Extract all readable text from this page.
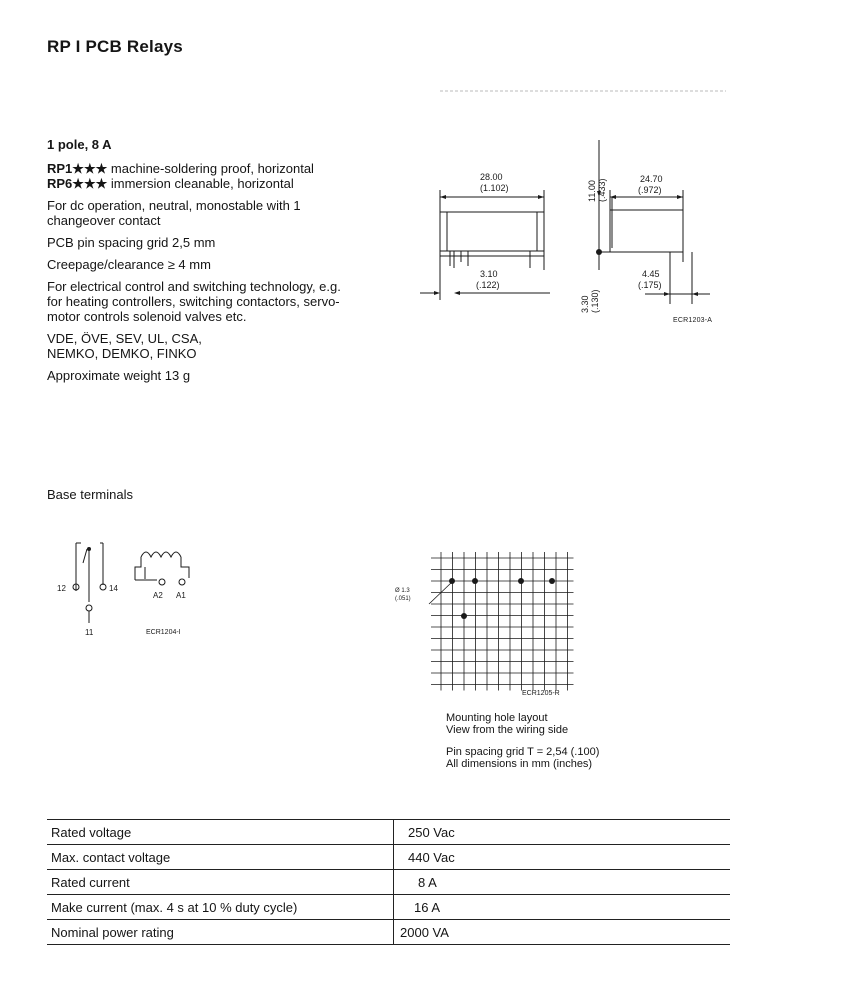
RP I PCB Relays

1 pole, 8 A

RP1★★★ machine-soldering proof, horizontal

RP6★★★ immersion cleanable, horizontal

For dc operation, neutral, monostable with 1 changeover contact

PCB pin spacing grid 2,5 mm

Creepage/clearance ≥ 4 mm

For electrical control and switching technology, e.g. for heating controllers, switching contactors, servo-motor controls solenoid valves etc.

VDE, ÖVE, SEV, UL, CSA, NEMKO, DEMKO, FINKO

Approximate weight 13 g

28.00
(1.102)
3.10
(.122)
24.70
(.972)
4.45
(.175)
11.00 (.433)
3.30 (.130)
ECR1203-A
Base terminals
12	14
11
A2 A1
ECR1204-I
Ø 1.3
(.051)
ECR1205-R

Mounting hole layout
View from the wiring side

Pin spacing grid T = 2,54 (.100)
All dimensions in mm (inches)

Rated voltage	250 Vac
Max. contact voltage	440 Vac
Rated current	8 A
Make current (max. 4 s at 10 % duty cycle)	16 A
Nominal power rating	2000 VA
